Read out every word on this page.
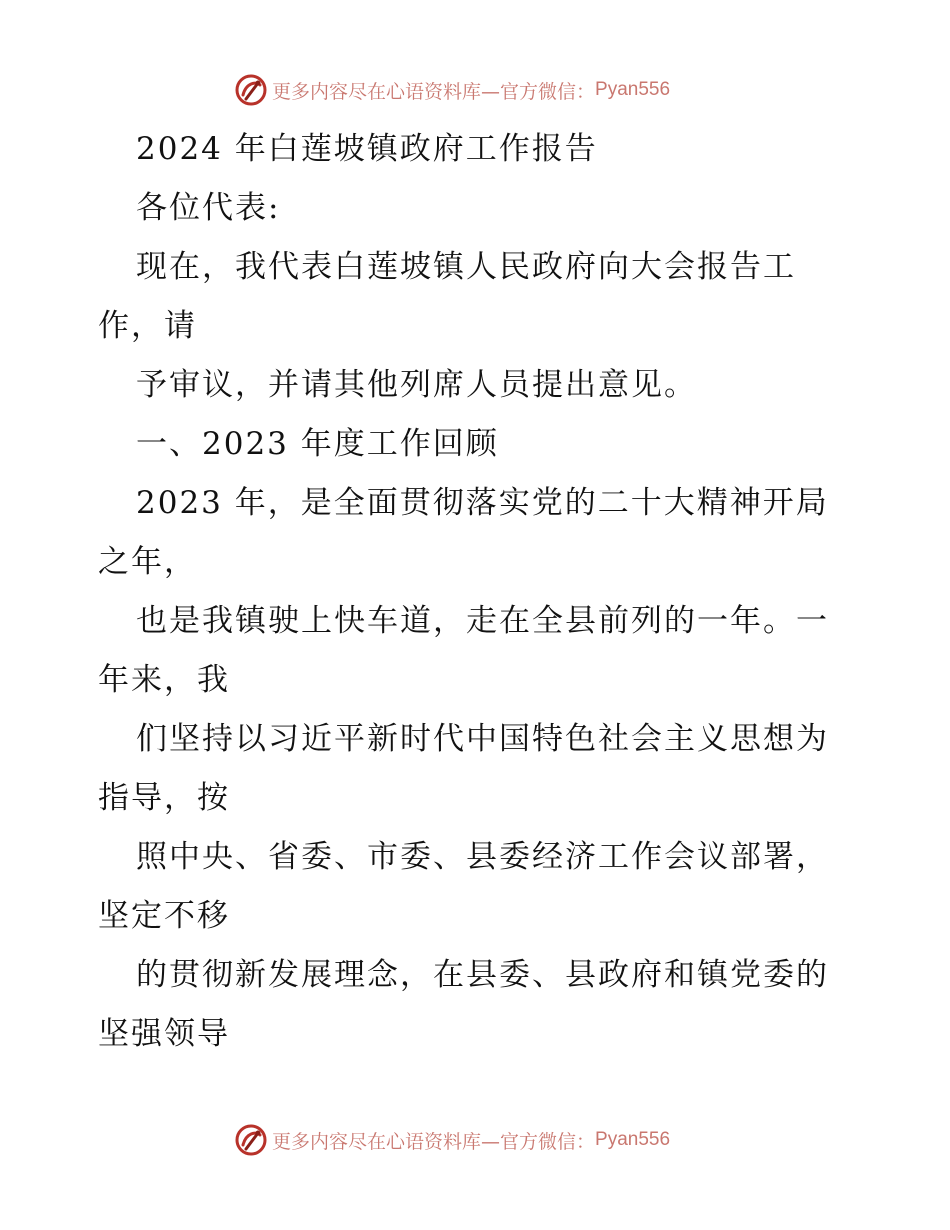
更多内容尽在心语资料库—官方微信： Pyan556
2024 年白莲坡镇政府工作报告
各位代表:
现在，我代表白莲坡镇人民政府向大会报告工
作，请
予审议，并请其他列席人员提出意见。
一、2023 年度工作回顾
2023 年，是全面贯彻落实党的二十大精神开局
之年，
也是我镇驶上快车道，走在全县前列的一年。一
年来，我
们坚持以习近平新时代中国特色社会主义思想为
指导，按
照中央、省委、市委、县委经济工作会议部署，
坚定不移
的贯彻新发展理念，在县委、县政府和镇党委的
坚强领导
更多内容尽在心语资料库—官方微信： Pyan556
